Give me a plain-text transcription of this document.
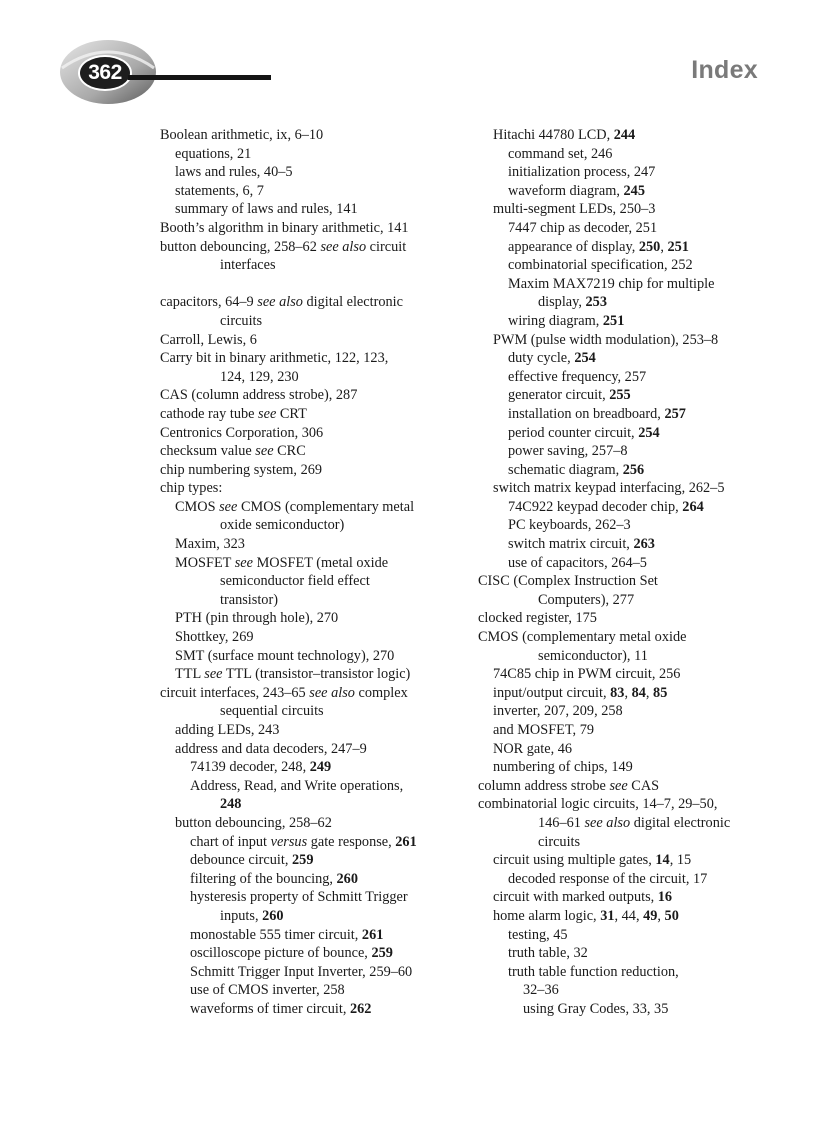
362	Index
Boolean arithmetic, ix, 6–10
equations, 21
laws and rules, 40–5
statements, 6, 7
summary of laws and rules, 141
Booth’s algorithm in binary arithmetic, 141
button debouncing, 258–62 see also circuit
interfaces
capacitors, 64–9 see also digital electronic
circuits
Carroll, Lewis, 6
Carry bit in binary arithmetic, 122, 123,
124, 129, 230
CAS (column address strobe), 287
cathode ray tube see CRT
Centronics Corporation, 306
checksum value see CRC
chip numbering system, 269
chip types:
CMOS see CMOS (complementary metal
oxide semiconductor)
Maxim, 323
MOSFET see MOSFET (metal oxide
semiconductor field effect
transistor)
PTH (pin through hole), 270
Shottkey, 269
SMT (surface mount technology), 270
TTL see TTL (transistor–transistor logic)
circuit interfaces, 243–65 see also complex
sequential circuits
adding LEDs, 243
address and data decoders, 247–9
74139 decoder, 248, 249
Address, Read, and Write operations,
248
button debouncing, 258–62
chart of input versus gate response, 261
debounce circuit, 259
filtering of the bouncing, 260
hysteresis property of Schmitt Trigger
inputs, 260
monostable 555 timer circuit, 261
oscilloscope picture of bounce, 259
Schmitt Trigger Input Inverter, 259–60
use of CMOS inverter, 258
waveforms of timer circuit, 262
Hitachi 44780 LCD, 244
command set, 246
initialization process, 247
waveform diagram, 245
multi-segment LEDs, 250–3
7447 chip as decoder, 251
appearance of display, 250, 251
combinatorial specification, 252
Maxim MAX7219 chip for multiple
display, 253
wiring diagram, 251
PWM (pulse width modulation), 253–8
duty cycle, 254
effective frequency, 257
generator circuit, 255
installation on breadboard, 257
period counter circuit, 254
power saving, 257–8
schematic diagram, 256
switch matrix keypad interfacing, 262–5
74C922 keypad decoder chip, 264
PC keyboards, 262–3
switch matrix circuit, 263
use of capacitors, 264–5
CISC (Complex Instruction Set
Computers), 277
clocked register, 175
CMOS (complementary metal oxide
semiconductor), 11
74C85 chip in PWM circuit, 256
input/output circuit, 83, 84, 85
inverter, 207, 209, 258
and MOSFET, 79
NOR gate, 46
numbering of chips, 149
column address strobe see CAS
combinatorial logic circuits, 14–7, 29–50,
146–61 see also digital electronic
circuits
circuit using multiple gates, 14, 15
decoded response of the circuit, 17
circuit with marked outputs, 16
home alarm logic, 31, 44, 49, 50
testing, 45
truth table, 32
truth table function reduction,
32–36
using Gray Codes, 33, 35
